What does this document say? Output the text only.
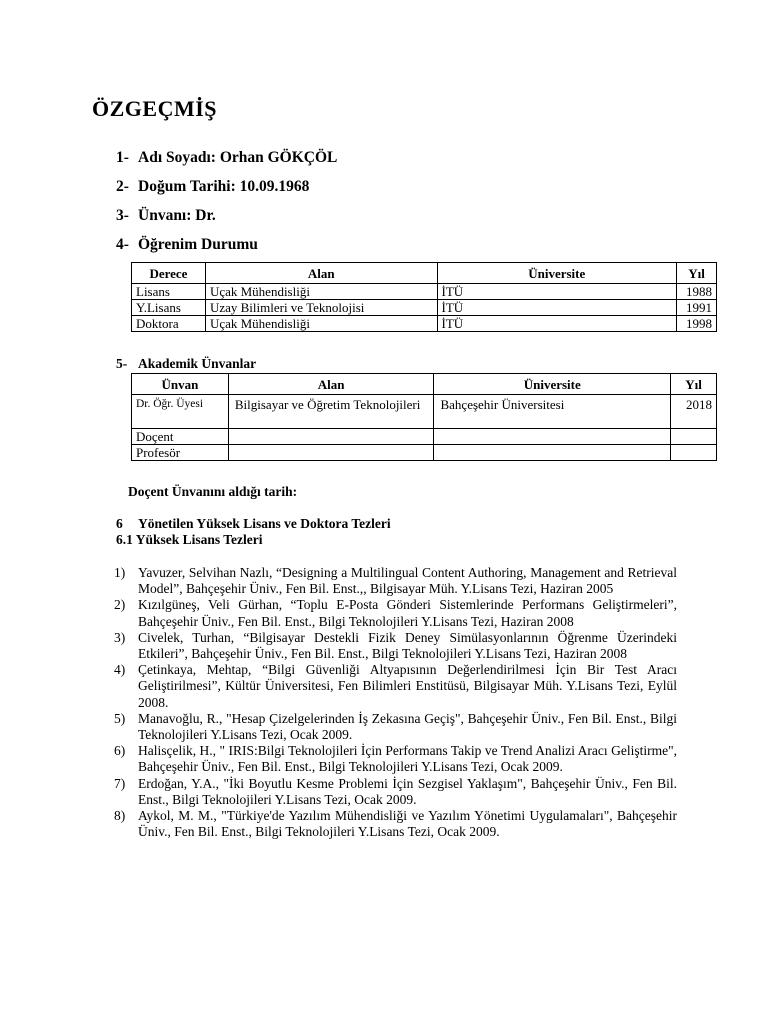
ÖZGEÇMİŞ
1- Adı Soyadı: Orhan GÖKÇÖL
2- Doğum Tarihi: 10.09.1968
3- Ünvanı: Dr.
4- Öğrenim Durumu
Derece	Alan	Üniversite	Yıl
Lisans	Uçak Mühendisliği	İTÜ	1988
Y.Lisans	Uzay Bilimleri ve Teknolojisi	İTÜ	1991
Doktora	Uçak Mühendisliği	İTÜ	1998
5- Akademik Ünvanlar
Ünvan	Alan	Üniversite	Yıl
Dr. Öğr. Üyesi	Bilgisayar ve Öğretim Teknolojileri	Bahçeşehir Üniversitesi	2018
Doçent			
Profesör			
Doçent Ünvanını aldığı tarih:
6 Yönetilen Yüksek Lisans ve Doktora Tezleri
6.1 Yüksek Lisans Tezleri
1) Yavuzer, Selvihan Nazlı, “Designing a Multilingual Content Authoring, Management and Retrieval Model”, Bahçeşehir Üniv., Fen Bil. Enst.,, Bilgisayar Müh. Y.Lisans Tezi, Haziran 2005
2) Kızılgüneş, Veli Gürhan, “Toplu E-Posta Gönderi Sistemlerinde Performans Geliştirmeleri”, Bahçeşehir Üniv., Fen Bil. Enst., Bilgi Teknolojileri Y.Lisans Tezi, Haziran 2008
3) Civelek, Turhan, “Bilgisayar Destekli Fizik Deney Simülasyonlarının Öğrenme Üzerindeki Etkileri”, Bahçeşehir Üniv., Fen Bil. Enst., Bilgi Teknolojileri Y.Lisans Tezi, Haziran 2008
4) Çetinkaya, Mehtap, “Bilgi Güvenliği Altyapısının Değerlendirilmesi İçin Bir Test Aracı Geliştirilmesi”, Kültür Üniversitesi, Fen Bilimleri Enstitüsü, Bilgisayar Müh. Y.Lisans Tezi, Eylül 2008.
5) Manavoğlu, R., "Hesap Çizelgelerinden İş Zekasına Geçiş", Bahçeşehir Üniv., Fen Bil. Enst., Bilgi Teknolojileri Y.Lisans Tezi, Ocak 2009.
6) Halisçelik, H., " IRIS:Bilgi Teknolojileri İçin Performans Takip ve Trend Analizi Aracı Geliştirme", Bahçeşehir Üniv., Fen Bil. Enst., Bilgi Teknolojileri Y.Lisans Tezi, Ocak 2009.
7) Erdoğan, Y.A., "İki Boyutlu Kesme Problemi İçin Sezgisel Yaklaşım", Bahçeşehir Üniv., Fen Bil. Enst., Bilgi Teknolojileri Y.Lisans Tezi, Ocak 2009.
8) Aykol, M. M., "Türkiye'de Yazılım Mühendisliği ve Yazılım Yönetimi Uygulamaları", Bahçeşehir Üniv., Fen Bil. Enst., Bilgi Teknolojileri Y.Lisans Tezi, Ocak 2009.
